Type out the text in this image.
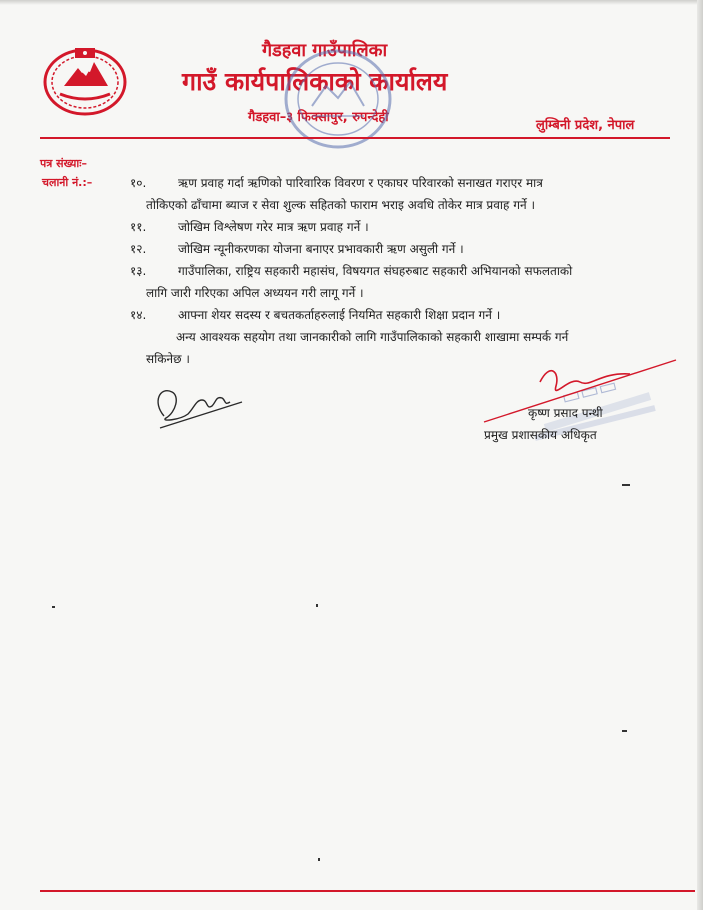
गैडहवा गाउँपालिका
गाउँ कार्यपालिकाको कार्यालय
गैडहवा–३ फिक्सापुर, रुपन्देही
लुम्बिनी प्रदेश, नेपाल
पत्र संख्याः–
चलानी नं.:–	१०.	ऋण प्रवाह गर्दा ऋणिको पारिवारिक विवरण र एकाघर परिवारको सनाखत गराएर मात्र
तोकिएको ढाँचामा ब्याज र सेवा शुल्क सहितको फाराम भराइ अवधि तोकेर मात्र प्रवाह गर्ने ।
११.	जोखिम विश्लेषण गरेर मात्र ऋण प्रवाह गर्ने ।
१२.	जोखिम न्यूनीकरणका योजना बनाएर प्रभावकारी ऋण असुली गर्ने ।
१३.	गाउँपालिका, राष्ट्रिय सहकारी महासंघ, विषयगत संघहरुबाट सहकारी अभियानको सफलताको
लागि जारी गरिएका अपिल अध्ययन गरी लागू गर्ने ।
१४.	आफ्ना शेयर सदस्य र बचतकर्ताहरुलाई नियमित सहकारी शिक्षा प्रदान गर्ने ।
अन्य आवश्यक सहयोग तथा जानकारीको लागि गाउँपालिकाको सहकारी शाखामा सम्पर्क गर्न
सकिनेछ ।
▭▭▭
कृष्ण प्रसाद पन्थी
प्रमुख प्रशासकीय अधिकृत
